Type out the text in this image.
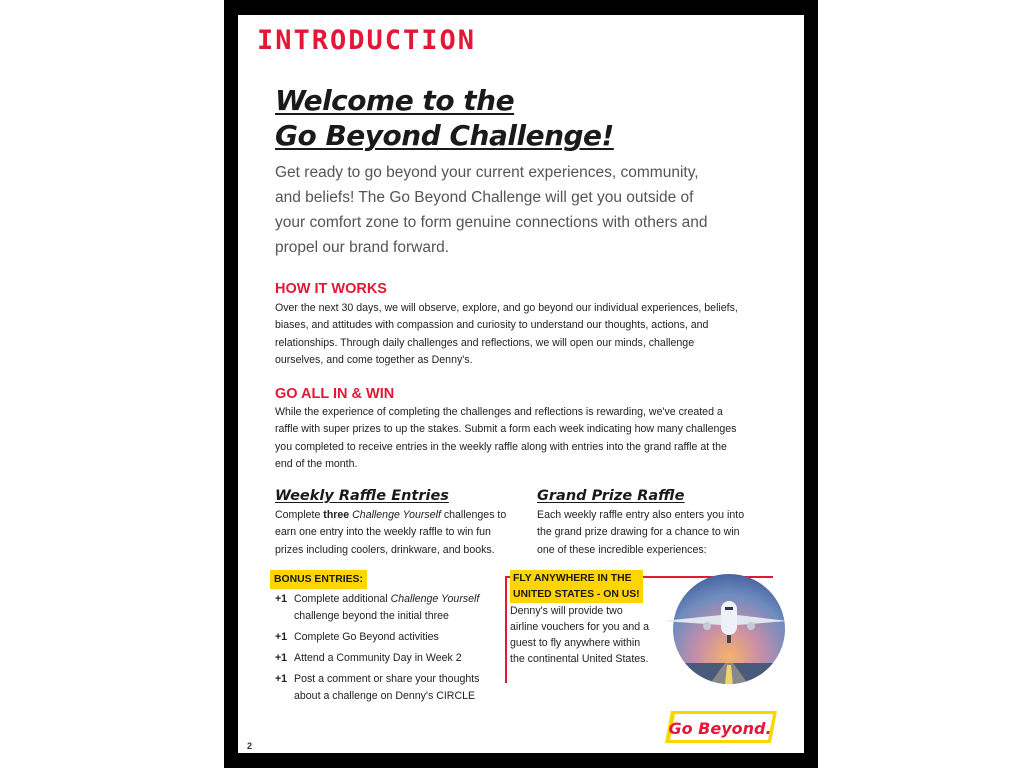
INTRODUCTION
Welcome to the
Go Beyond Challenge!
Get ready to go beyond your current experiences, community, and beliefs! The Go Beyond Challenge will get you outside of your comfort zone to form genuine connections with others and propel our brand forward.
HOW IT WORKS
Over the next 30 days, we will observe, explore, and go beyond our individual experiences, beliefs, biases, and attitudes with compassion and curiosity to understand our thoughts, actions, and relationships. Through daily challenges and reflections, we will open our minds, challenge ourselves, and come together as Denny's.
GO ALL IN & WIN
While the experience of completing the challenges and reflections is rewarding, we've created a raffle with super prizes to up the stakes. Submit a form each week indicating how many challenges you completed to receive entries in the weekly raffle along with entries into the grand raffle at the end of the month.
Weekly Raffle Entries
Complete three Challenge Yourself challenges to earn one entry into the weekly raffle to win fun prizes including coolers, drinkware, and books.
Grand Prize Raffle
Each weekly raffle entry also enters you into the grand prize drawing for a chance to win one of these incredible experiences:
BONUS ENTRIES:
+1 Complete additional Challenge Yourself challenge beyond the initial three
+1 Complete Go Beyond activities
+1 Attend a Community Day in Week 2
+1 Post a comment or share your thoughts about a challenge on Denny's CIRCLE
FLY ANYWHERE IN THE UNITED STATES - ON US!
Denny's will provide two airline vouchers for you and a guest to fly anywhere within the continental United States.
Go Beyond.
2
